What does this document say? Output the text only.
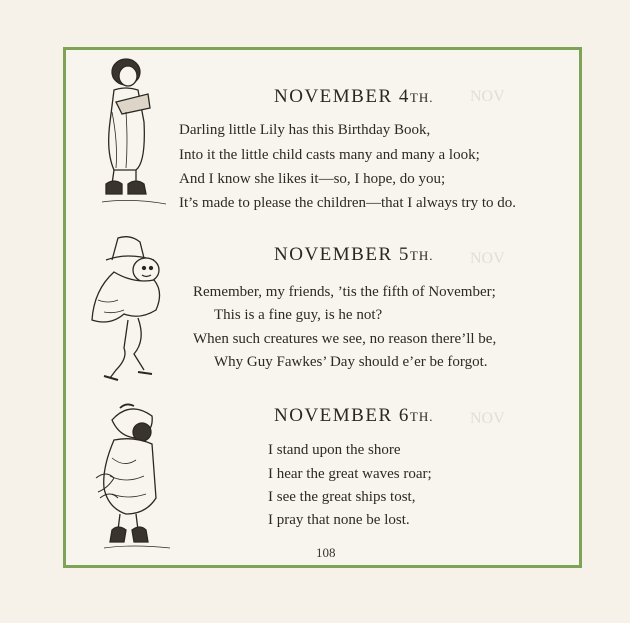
NOV
NOV
NOV
NOVEMBER 4TH.
Darling little Lily has this Birthday Book,
Into it the little child casts many and many a look;
And I know she likes it—so, I hope, do you;
It’s made to please the children—that I always try to do.
NOVEMBER 5TH.
Remember, my friends, ’tis the fifth of November;
This is a fine guy, is he not?
When such creatures we see, no reason there’ll be,
Why Guy Fawkes’ Day should e’er be forgot.
NOVEMBER 6TH.
I stand upon the shore
I hear the great waves roar;
I see the great ships tost,
I pray that none be lost.
108
